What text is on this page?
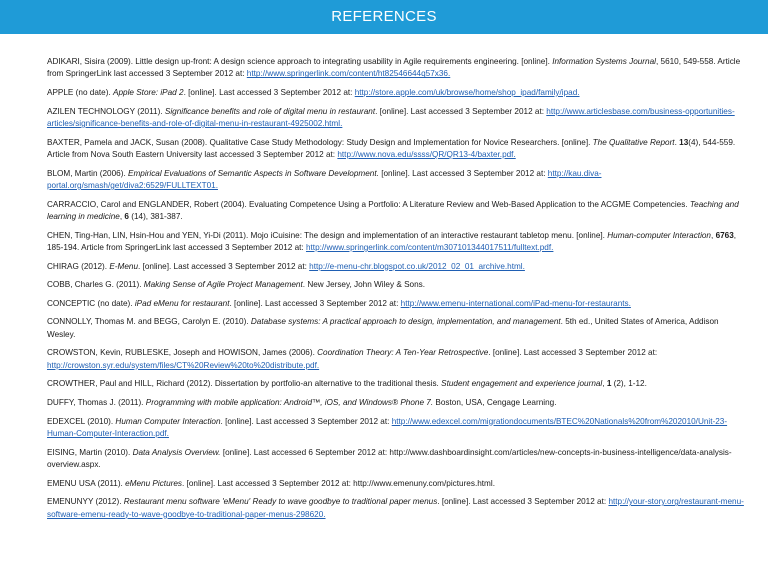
REFERENCES

ADIKARI, Sisira (2009). Little design up-front: A design science approach to integrating usability in Agile requirements engineering. [online]. Information Systems Journal, 5610, 549-558. Article from SpringerLink last accessed 3 September 2012 at: http://www.springerlink.com/content/ht82546644q57x36.

APPLE (no date). Apple Store: iPad 2. [online]. Last accessed 3 September 2012 at: http://store.apple.com/uk/browse/home/shop_ipad/family/ipad.

AZILEN TECHNOLOGY (2011). Significance benefits and role of digital menu in restaurant. [online]. Last accessed 3 September 2012 at: http://www.articlesbase.com/business-opportunities-articles/significance-benefits-and-role-of-digital-menu-in-restaurant-4925002.html.

BAXTER, Pamela and JACK, Susan (2008). Qualitative Case Study Methodology: Study Design and Implementation for Novice Researchers. [online]. The Qualitative Report. 13(4), 544-559. Article from Nova South Eastern University last accessed 3 September 2012 at: http://www.nova.edu/ssss/QR/QR13-4/baxter.pdf.

BLOM, Martin (2006). Empirical Evaluations of Semantic Aspects in Software Development. [online]. Last accessed 3 September 2012 at: http://kau.diva-portal.org/smash/get/diva2:6529/FULLTEXT01.

CARRACCIO, Carol and ENGLANDER, Robert (2004). Evaluating Competence Using a Portfolio: A Literature Review and Web-Based Application to the ACGME Competencies. Teaching and learning in medicine, 6 (14), 381-387.

CHEN, Ting-Han, LIN, Hsin-Hou and YEN, Yi-Di (2011). Mojo iCuisine: The design and implementation of an interactive restaurant tabletop menu. [online]. Human-computer Interaction, 6763, 185-194. Article from SpringerLink last accessed 3 September 2012 at: http://www.springerlink.com/content/m307101344017511/fulltext.pdf.

CHIRAG (2012). E-Menu. [online]. Last accessed 3 September 2012 at: http://e-menu-chr.blogspot.co.uk/2012_02_01_archive.html.

COBB, Charles G. (2011). Making Sense of Agile Project Management. New Jersey, John Wiley & Sons.

CONCEPTIC (no date). iPad eMenu for restaurant. [online]. Last accessed 3 September 2012 at: http://www.emenu-international.com/iPad-menu-for-restaurants.

CONNOLLY, Thomas M. and BEGG, Carolyn E. (2010). Database systems: A practical approach to design, implementation, and management. 5th ed., United States of America, Addison Wesley.

CROWSTON, Kevin, RUBLESKE, Joseph and HOWISON, James (2006). Coordination Theory: A Ten-Year Retrospective. [online]. Last accessed 3 September 2012 at: http://crowston.syr.edu/system/files/CT%20Review%20to%20distribute.pdf.

CROWTHER, Paul and HILL, Richard (2012). Dissertation by portfolio-an alternative to the traditional thesis. Student engagement and experience journal, 1 (2), 1-12.

DUFFY, Thomas J. (2011). Programming with mobile application: Android™, iOS, and Windows® Phone 7. Boston, USA, Cengage Learning.

EDEXCEL (2010). Human Computer Interaction. [online]. Last accessed 3 September 2012 at: http://www.edexcel.com/migrationdocuments/BTEC%20Nationals%20from%202010/Unit-23-Human-Computer-Interaction.pdf.

EISING, Martin (2010). Data Analysis Overview. [online]. Last accessed 6 September 2012 at: http://www.dashboardinsight.com/articles/new-concepts-in-business-intelligence/data-analysis-overview.aspx.

EMENU USA (2011). eMenu Pictures. [online]. Last accessed 3 September 2012 at: http://www.emenuny.com/pictures.html.

EMENUNYY (2012). Restaurant menu software 'eMenu' Ready to wave goodbye to traditional paper menus. [online]. Last accessed 3 September 2012 at: http://your-story.org/restaurant-menu-software-emenu-ready-to-wave-goodbye-to-traditional-paper-menus-298620.
